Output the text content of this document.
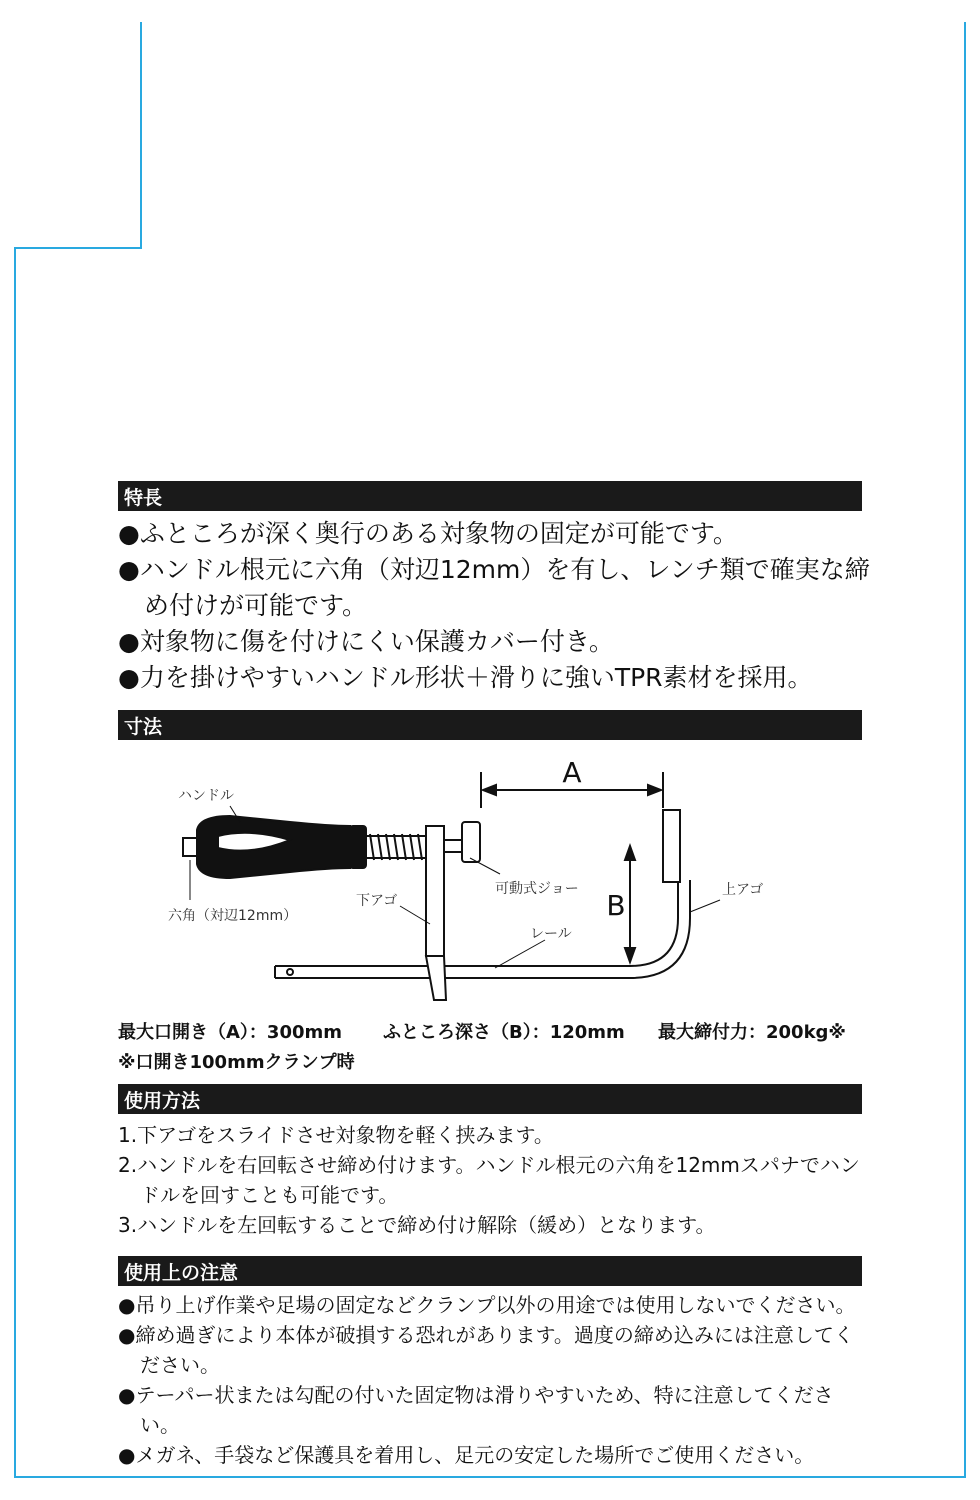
特長
●ふところが深く奥行のある対象物の固定が可能です。
●ハンドル根元に六角（対辺12mm）を有し、レンチ類で確実な締め付けが可能です。
●対象物に傷を付けにくい保護カバー付き。
●力を掛けやすいハンドル形状＋滑りに強いTPR素材を採用。
寸法
A
B
ハンドル
六角（対辺12mm）
下アゴ
可動式ジョー
レール
上アゴ
最大口開き（A）：300mm ふところ深さ（B）：120mm 最大締付力：200kg※
※口開き100mmクランプ時
使用方法
1.下アゴをスライドさせ対象物を軽く挟みます。
2.ハンドルを右回転させ締め付けます。ハンドル根元の六角を12mmスパナでハンドルを回すことも可能です。
3.ハンドルを左回転することで締め付け解除（緩め）となります。
使用上の注意
●吊り上げ作業や足場の固定などクランプ以外の用途では使用しないでください。
●締め過ぎにより本体が破損する恐れがあります。過度の締め込みには注意してください。
●テーパー状または勾配の付いた固定物は滑りやすいため、特に注意してください。
●メガネ、手袋など保護具を着用し、足元の安定した場所でご使用ください。
